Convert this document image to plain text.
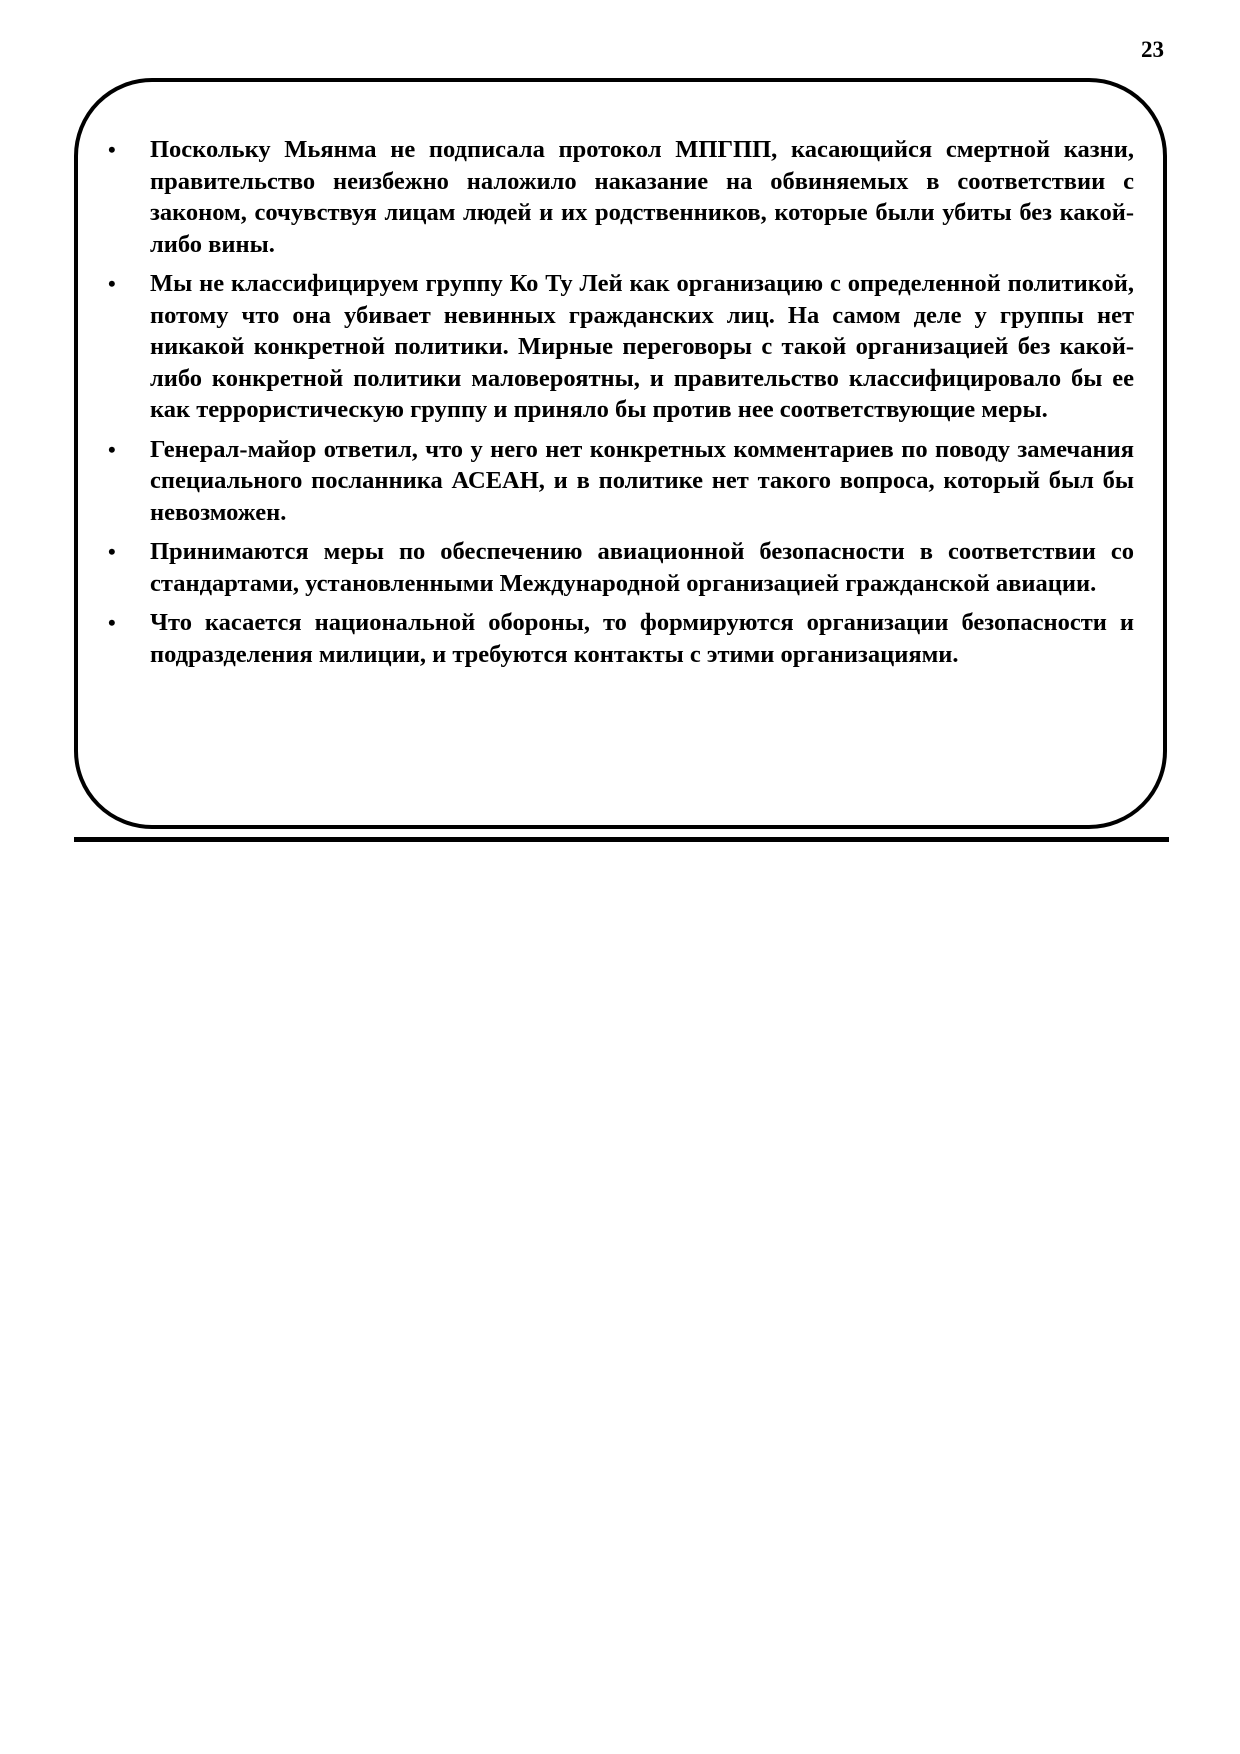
23
• Поскольку Мьянма не подписала протокол МПГПП, касающийся смертной казни, правительство неизбежно наложило наказание на обвиняемых в соответствии с законом, сочувствуя лицам людей и их родственников, которые были убиты без какой-либо вины.
• Мы не классифицируем группу Ко Ту Лей как организацию с определенной политикой, потому что она убивает невинных гражданских лиц. На самом деле у группы нет никакой конкретной политики. Мирные переговоры с такой организацией без какой-либо конкретной политики маловероятны, и правительство классифицировало бы ее как террористическую группу и приняло бы против нее соответствующие меры.
• Генерал-майор ответил, что у него нет конкретных комментариев по поводу замечания специального посланника АСЕАН, и в политике нет такого вопроса, который был бы невозможен.
• Принимаются меры по обеспечению авиационной безопасности в соответствии со стандартами, установленными Международной организацией гражданской авиации.
• Что касается национальной обороны, то формируются организации безопасности и подразделения милиции, и требуются контакты с этими организациями.
